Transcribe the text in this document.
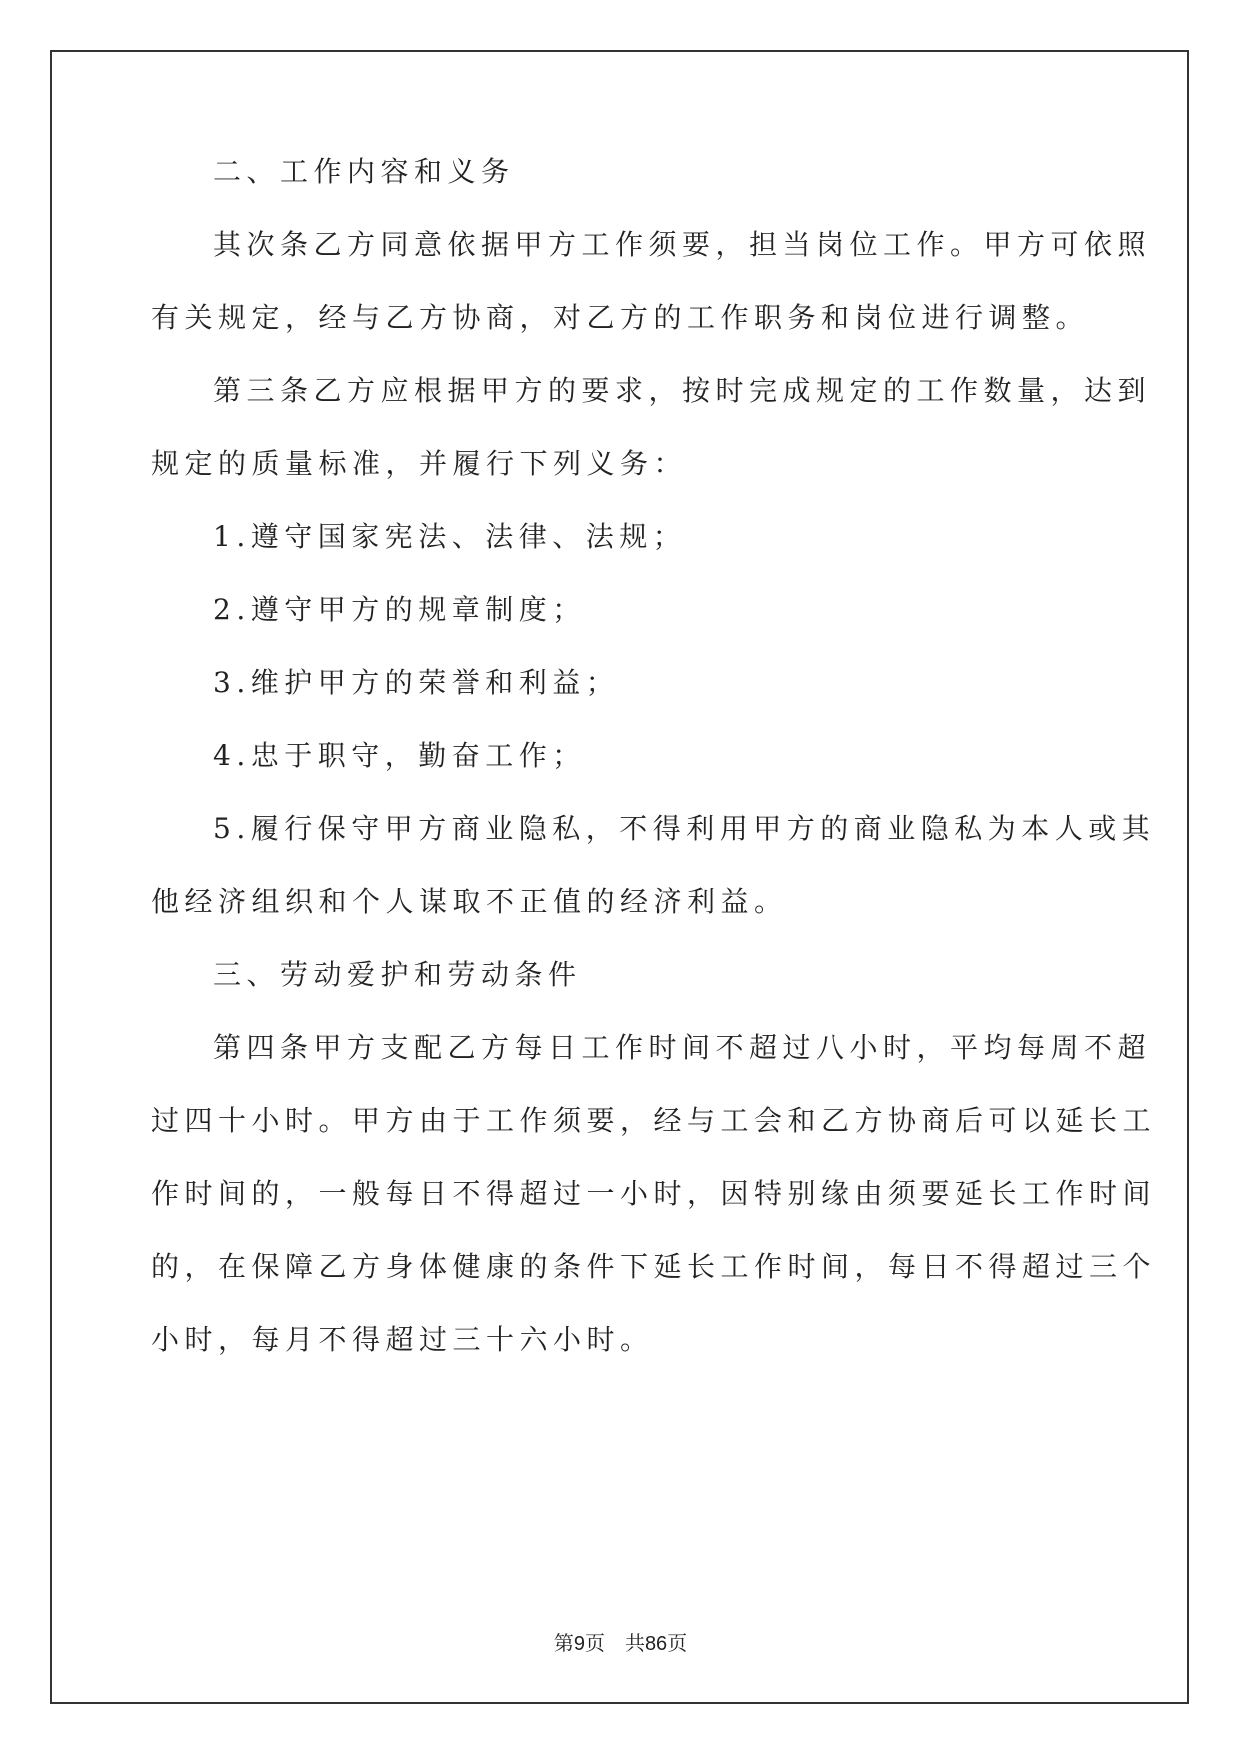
二、工作内容和义务
其次条乙方同意依据甲方工作须要，担当岗位工作。甲方可依照
有关规定，经与乙方协商，对乙方的工作职务和岗位进行调整。
第三条乙方应根据甲方的要求，按时完成规定的工作数量，达到
规定的质量标准，并履行下列义务：
1.遵守国家宪法、法律、法规；
2.遵守甲方的规章制度；
3.维护甲方的荣誉和利益；
4.忠于职守，勤奋工作；
5.履行保守甲方商业隐私，不得利用甲方的商业隐私为本人或其
他经济组织和个人谋取不正值的经济利益。
三、劳动爱护和劳动条件
第四条甲方支配乙方每日工作时间不超过八小时，平均每周不超
过四十小时。甲方由于工作须要，经与工会和乙方协商后可以延长工
作时间的，一般每日不得超过一小时，因特别缘由须要延长工作时间
的，在保障乙方身体健康的条件下延长工作时间，每日不得超过三个
小时，每月不得超过三十六小时。
第9页 共86页
